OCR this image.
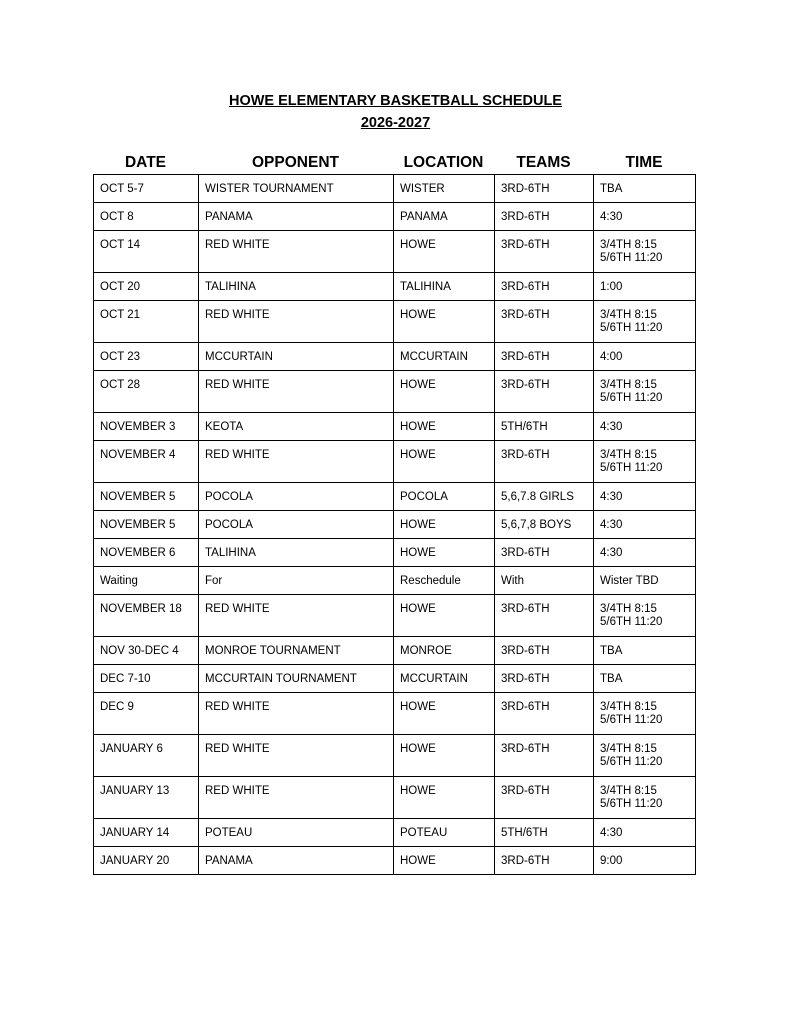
HOWE ELEMENTARY BASKETBALL SCHEDULE
2026-2027
DATE	OPPONENT	LOCATION	TEAMS	TIME
OCT 5-7	WISTER TOURNAMENT	WISTER	3RD-6TH	TBA

OCT 8	PANAMA	PANAMA	3RD-6TH	4:30

OCT 14	RED WHITE	HOWE	3RD-6TH	3/4TH 8:15
5/6TH 11:20

OCT 20	TALIHINA	TALIHINA	3RD-6TH	1:00

OCT 21	RED WHITE	HOWE	3RD-6TH	3/4TH 8:15
5/6TH 11:20

OCT 23	MCCURTAIN	MCCURTAIN	3RD-6TH	4:00

OCT 28	RED WHITE	HOWE	3RD-6TH	3/4TH 8:15
5/6TH 11:20

NOVEMBER 3	KEOTA	HOWE	5TH/6TH	4:30

NOVEMBER 4	RED WHITE	HOWE	3RD-6TH	3/4TH 8:15
5/6TH 11:20

NOVEMBER 5	POCOLA	POCOLA	5,6,7.8 GIRLS	4:30

NOVEMBER 5	POCOLA	HOWE	5,6,7,8 BOYS	4:30

NOVEMBER 6	TALIHINA	HOWE	3RD-6TH	4:30

Waiting	For	Reschedule	With	Wister TBD

NOVEMBER 18	RED WHITE	HOWE	3RD-6TH	3/4TH 8:15
5/6TH 11:20

NOV 30-DEC 4	MONROE TOURNAMENT	MONROE	3RD-6TH	TBA

DEC 7-10	MCCURTAIN TOURNAMENT	MCCURTAIN	3RD-6TH	TBA

DEC 9	RED WHITE	HOWE	3RD-6TH	3/4TH 8:15
5/6TH 11:20

JANUARY 6	RED WHITE	HOWE	3RD-6TH	3/4TH 8:15
5/6TH 11:20

JANUARY 13	RED WHITE	HOWE	3RD-6TH	3/4TH 8:15
5/6TH 11:20

JANUARY 14	POTEAU	POTEAU	5TH/6TH	4:30

JANUARY 20	PANAMA	HOWE	3RD-6TH	9:00
